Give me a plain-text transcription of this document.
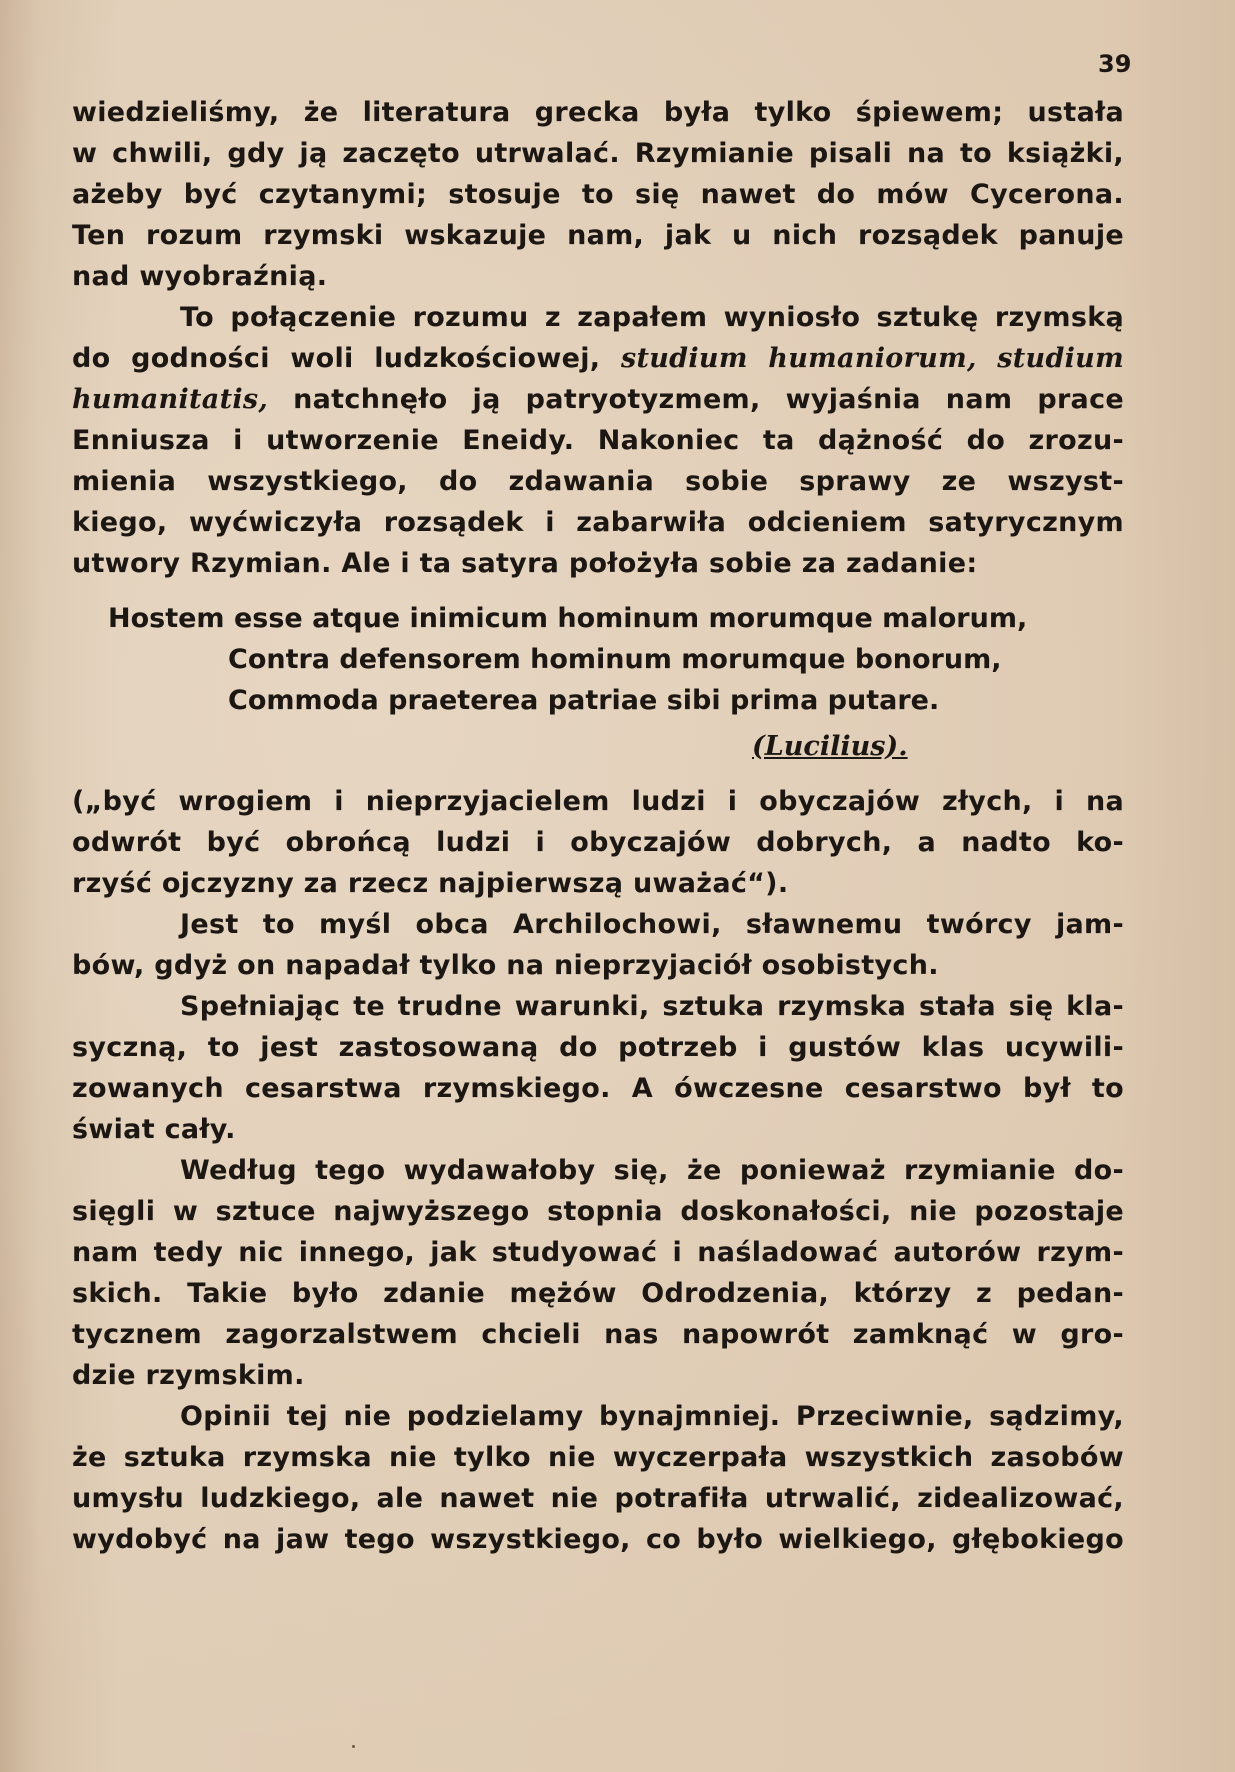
39
wiedzieliśmy, że literatura grecka była tylko śpiewem; ustała
w chwili, gdy ją zaczęto utrwalać. Rzymianie pisali na to książki,
ażeby być czytanymi; stosuje to się nawet do mów Cycerona.
Ten rozum rzymski wskazuje nam, jak u nich rozsądek panuje
nad wyobraźnią.
To połączenie rozumu z zapałem wyniosło sztukę rzymską
do godności woli ludzkościowej, studium humaniorum, studium
humanitatis, natchnęło ją patryotyzmem, wyjaśnia nam prace
Enniusza i utworzenie Eneidy. Nakoniec ta dążność do zrozu-
mienia wszystkiego, do zdawania sobie sprawy ze wszyst-
kiego, wyćwiczyła rozsądek i zabarwiła odcieniem satyrycznym
utwory Rzymian. Ale i ta satyra położyła sobie za zadanie:
Hostem esse atque inimicum hominum morumque malorum,
Contra defensorem hominum morumque bonorum,
Commoda praeterea patriae sibi prima putare.
(Lucilius).
(„być wrogiem i nieprzyjacielem ludzi i obyczajów złych, i na
odwrót być obrońcą ludzi i obyczajów dobrych, a nadto ko-
rzyść ojczyzny za rzecz najpierwszą uważać“).
Jest to myśl obca Archilochowi, sławnemu twórcy jam-
bów, gdyż on napadał tylko na nieprzyjaciół osobistych.
Spełniając te trudne warunki, sztuka rzymska stała się kla-
syczną, to jest zastosowaną do potrzeb i gustów klas ucywili-
zowanych cesarstwa rzymskiego. A ówczesne cesarstwo był to
świat cały.
Według tego wydawałoby się, że ponieważ rzymianie do-
sięgli w sztuce najwyższego stopnia doskonałości, nie pozostaje
nam tedy nic innego, jak studyować i naśladować autorów rzym-
skich. Takie było zdanie mężów Odrodzenia, którzy z pedan-
tycznem zagorzalstwem chcieli nas napowrót zamknąć w gro-
dzie rzymskim.
Opinii tej nie podzielamy bynajmniej. Przeciwnie, sądzimy,
że sztuka rzymska nie tylko nie wyczerpała wszystkich zasobów
umysłu ludzkiego, ale nawet nie potrafiła utrwalić, zidealizować,
wydobyć na jaw tego wszystkiego, co było wielkiego, głębokiego
